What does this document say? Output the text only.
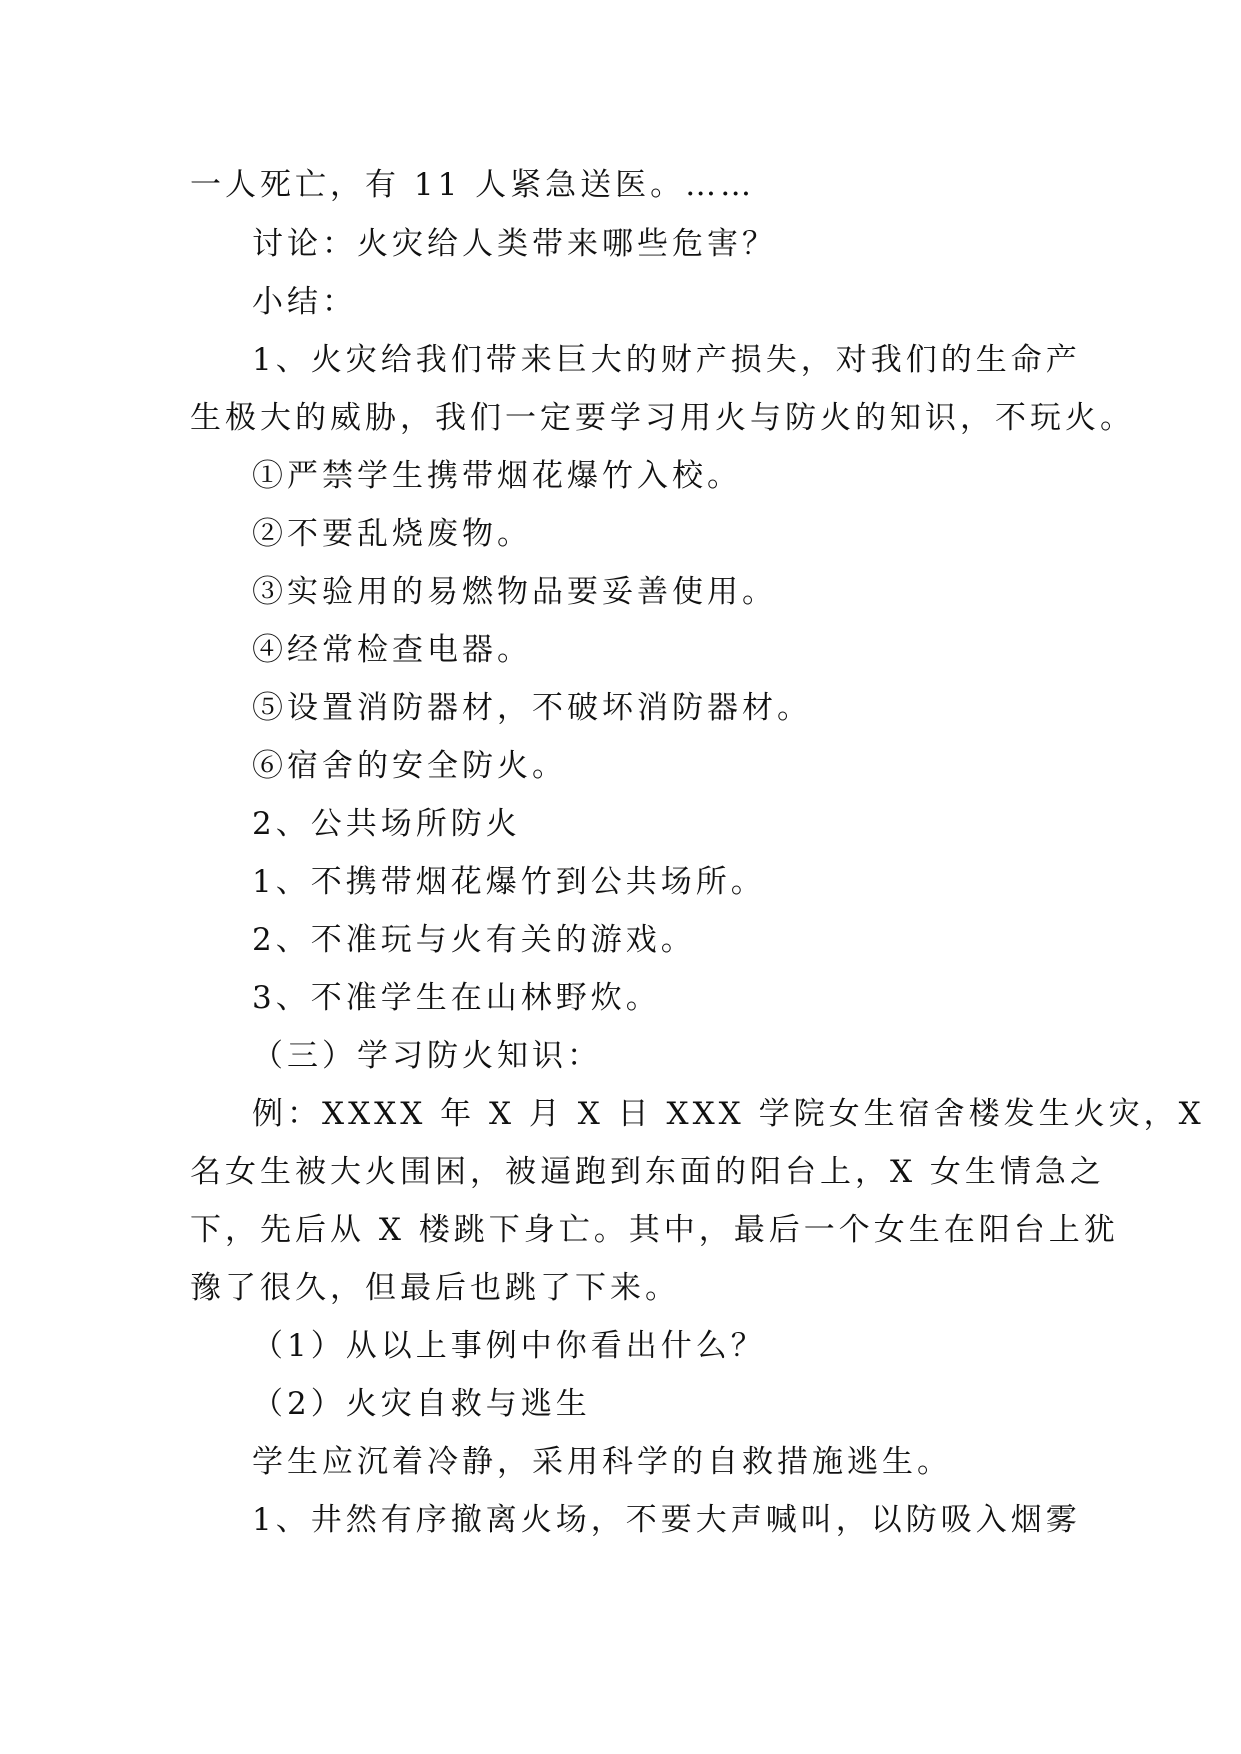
一人死亡，有 11 人紧急送医。……
讨论：火灾给人类带来哪些危害？
小结：
1、火灾给我们带来巨大的财产损失，对我们的生命产
生极大的威胁，我们一定要学习用火与防火的知识，不玩火。
①严禁学生携带烟花爆竹入校。
②不要乱烧废物。
③实验用的易燃物品要妥善使用。
④经常检查电器。
⑤设置消防器材，不破坏消防器材。
⑥宿舍的安全防火。
2、公共场所防火
1、不携带烟花爆竹到公共场所。
2、不准玩与火有关的游戏。
3、不准学生在山林野炊。
（三）学习防火知识：
例：XXXX 年 X 月 X 日 XXX 学院女生宿舍楼发生火灾，X
名女生被大火围困，被逼跑到东面的阳台上，X 女生情急之
下，先后从 X 楼跳下身亡。其中，最后一个女生在阳台上犹
豫了很久，但最后也跳了下来。
（1）从以上事例中你看出什么？
（2）火灾自救与逃生
学生应沉着冷静，采用科学的自救措施逃生。
1、井然有序撤离火场，不要大声喊叫，以防吸入烟雾
